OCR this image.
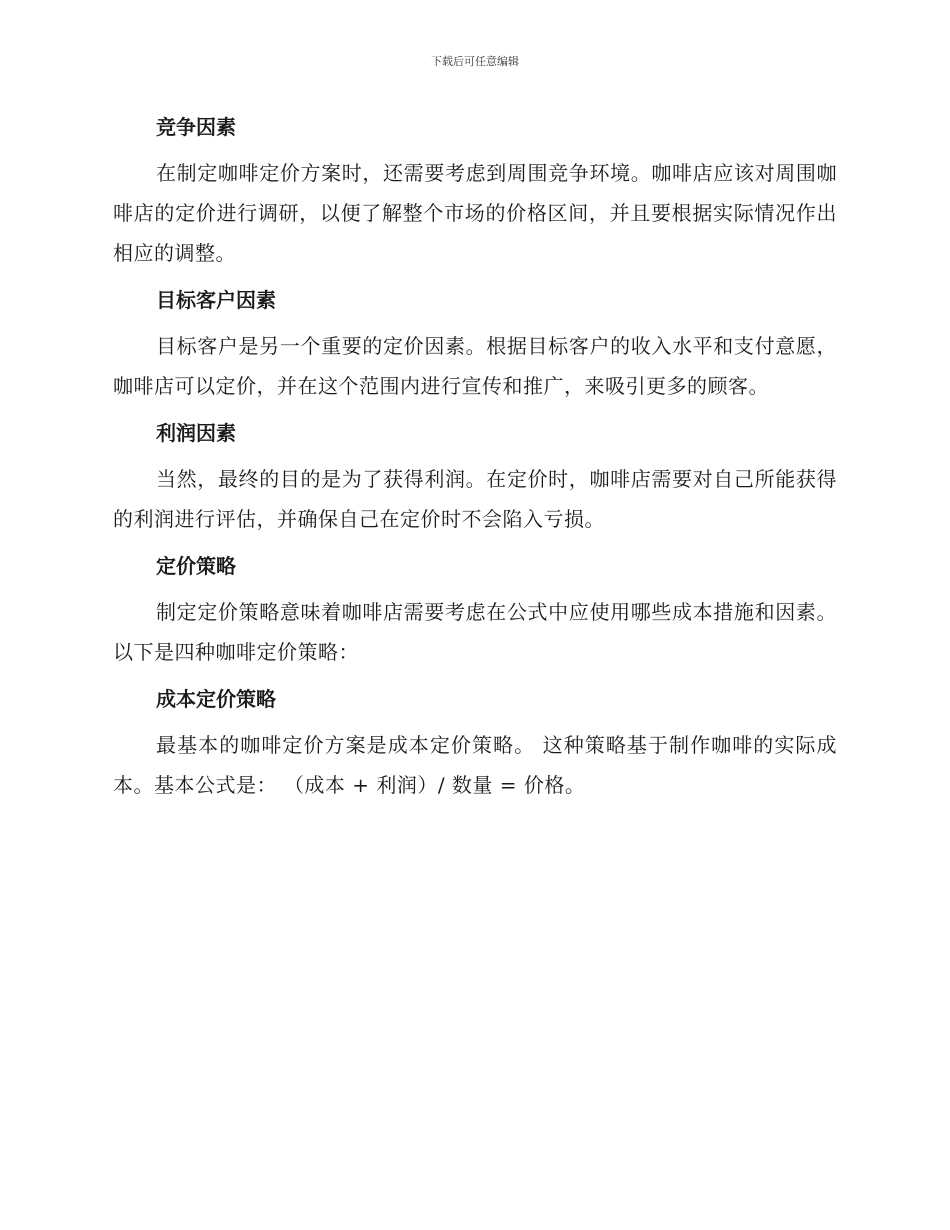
下载后可任意编辑
竞争因素

在制定咖啡定价方案时，还需要考虑到周围竞争环境。咖啡店应该对周围咖啡店的定价进行调研，以便了解整个市场的价格区间，并且要根据实际情况作出相应的调整。

目标客户因素

目标客户是另一个重要的定价因素。根据目标客户的收入水平和支付意愿，咖啡店可以定价，并在这个范围内进行宣传和推广，来吸引更多的顾客。

利润因素

当然，最终的目的是为了获得利润。在定价时，咖啡店需要对自己所能获得的利润进行评估，并确保自己在定价时不会陷入亏损。

定价策略

制定定价策略意味着咖啡店需要考虑在公式中应使用哪些成本措施和因素。以下是四种咖啡定价策略：

成本定价策略

最基本的咖啡定价方案是成本定价策略。 这种策略基于制作咖啡的实际成本。基本公式是： （成本 + 利润）/ 数量 = 价格。
